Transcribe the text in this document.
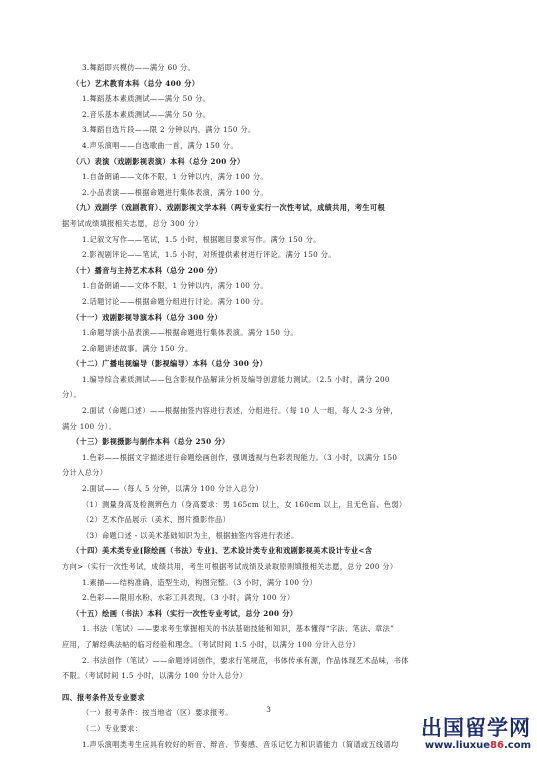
3.舞蹈即兴模仿——满分 60 分。
（七）艺术教育本科（总分 400 分）
1.舞蹈基本素质测试——满分 50 分。
2.音乐基本素质测试——满分 50 分。
3.舞蹈自选片段——限 2 分钟以内，满分 150 分。
4.声乐演唱——自选歌曲一首，满分 150 分。
（八）表演（戏剧影视表演）本科（总分 200 分）
1.自备朗诵——文体不限，1 分钟以内，满分 100 分。
2.小品表演——根据命题进行集体表演，满分 100 分。
（九）戏剧学（戏剧教育）、戏剧影视文学本科（两专业实行一次性考试，成绩共用，考生可根
据考试成绩填报相关志愿，总分 300 分）
1.记叙文写作——笔试，1.5 小时，根据题目要求写作。满分 150 分。
2.影视剧评论——笔试，1.5 小时，对所提供素材进行评论。满分 150 分。
（十）播音与主持艺术本科（总分 200 分）
1.自备朗诵——文体不限，1 分钟以内，满分 100 分。
2.话题讨论——根据命题分组进行讨论。满分 100 分。
（十一）戏剧影视导演本科（总分 300 分）
1.命题导演小品表演——根据命题进行集体表演。满分 150 分。
2.命题讲述故事。满分 150 分。
（十二）广播电视编导（影视编导）本科（总分 300 分）
1.编导综合素质测试——包含影视作品解读分析及编导创意能力测试。（2.5 小时，满分 200
分）。
2.面试（命题口述）——根据抽签内容进行表述，分组进行。（每 10 人一组，每人 2-3 分钟，
满分 100 分）。
（十三）影视摄影与制作本科（总分 250 分）
1.色彩——根据文字描述进行命题绘画创作，强调透视与色彩表现能力。（3 小时，以满分 150
分计入总分）
2.面试——（每人 5 分钟，以满分 100 分计入总分）
（1）测量身高及检测辨色力（身高要求：男 165cm 以上，女 160cm 以上，且无色盲、色弱）
（2）艺术作品展示（美术、图片摄影作品）
（3）命题口述 - 以美术基础知识为主，根据抽签内容进行表述。
（十四）美术类专业[除绘画（书法）专业]、艺术设计类专业和戏剧影视美术设计专业<含
方向>（实行一次性考试，成绩共用，考生可根据考试成绩及录取原则填报相关志愿，总分 200 分）
1.素描——结构准确，造型生动，构图完整。（3 小时，满分 100 分）
2.色彩——限用水粉、水彩工具表现。（3 小时，满分 100 分）
（十五）绘画（书法）本科（实行一次性专业考试，总分 200 分）
1. 书法（笔试）——要求考生掌握相关的书法基础技能和知识，基本懂得“字法、笔法、章法”
应用，了解经典法帖的临习经验和理念。（考试时间 1.5 小时，以满分 100 分计入总分）
2. 书法创作（笔试）——命题诗词创作，要求行笔规范，书体传承有源，作品体现艺术品味，书体
不限。（考试时间 1.5 小时，以满分 100 分计入总分）
四、报考条件及专业要求
（一）报考条件：按当地省（区）要求报考。
（二）专业要求：
1.声乐演唱类考生应具有较好的听音、辩音、节奏感、音乐记忆力和识谱能力（简谱或五线谱均
3
出国留学网
www.liuxue86.com
